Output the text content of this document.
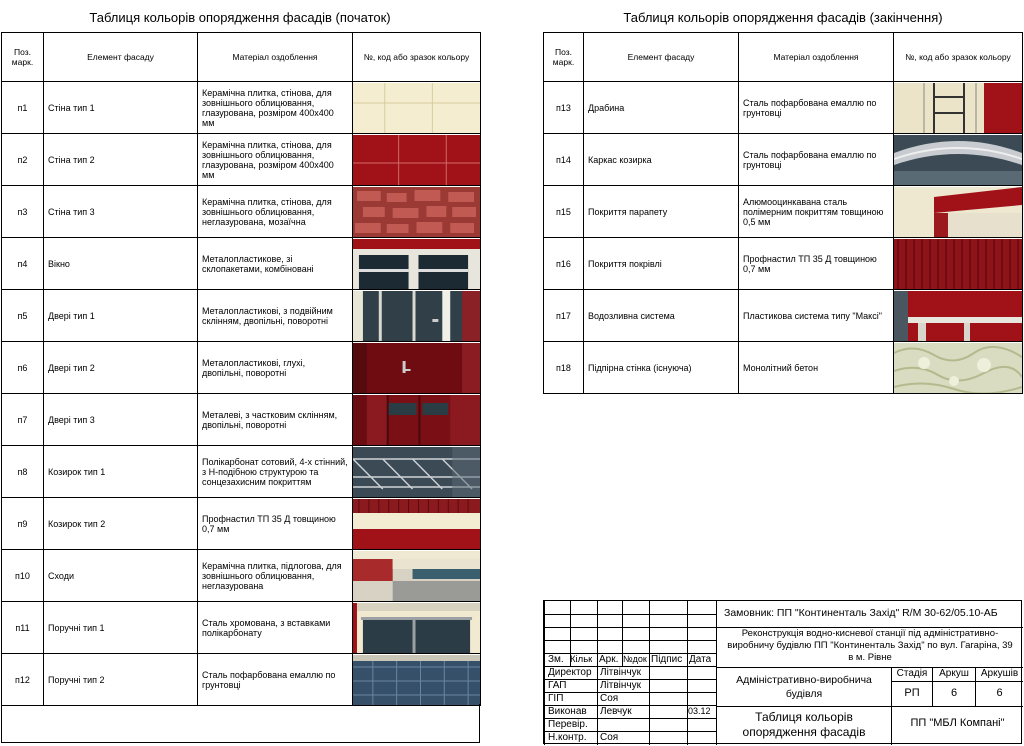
Таблиця кольорів опорядження фасадів (початок)
Поз. марк.	Елемент фасаду	Матеріал оздоблення	№, код або зразок кольору
п1	Стіна тип 1	Керамічна плитка, стінова, для зовнішнього облицювання, глазурована, розміром 400х400 мм	

п2	Стіна тип 2	Керамічна плитка, стінова, для зовнішнього облицювання, глазурована, розміром 400х400 мм	

п3	Стіна тип 3	Керамічна плитка, стінова, для зовнішнього облицювання, неглазурована, мозаїчна	

п4	Вікно	Металопластикове, зі склопакетами, комбіновані	

п5	Двері тип 1	Металопластикові, з подвійним склінням, двопільні, поворотні	

п6	Двері тип 2	Металопластикові, глухі, двопільні, поворотні	

п7	Двері тип 3	Металеві, з частковим склінням, двопільні, поворотні	

п8	Козирок тип 1	Полікарбонат сотовий, 4-х стінний, з Н-подібною структурою та сонцезахисним покриттям	

п9	Козирок тип 2	Профнастил ТП 35 Д товщиною 0,7 мм	

п10	Сходи	Керамічна плитка, підлогова, для зовнішнього облицювання, неглазурована	

п11	Поручні тип 1	Сталь хромована, з вставками полікарбонату	

п12	Поручні тип 2	Сталь пофарбована емаллю по грунтовці	
Таблиця кольорів опорядження фасадів (закінчення)
Поз. марк.	Елемент фасаду	Матеріал оздоблення	№, код або зразок кольору
п13	Драбина	Сталь пофарбована емаллю по грунтовці	

п14	Каркас козирка	Сталь пофарбована емаллю по грунтовці	

п15	Покриття парапету	Алюмооцинкавана сталь полімерним покриттям товщиною 0,5 мм	

п16	Покриття покрівлі	Профнастил ТП 35 Д товщиною 0,7 мм	

п17	Водозливна система	Пластикова система типу "Максі"	

п18	Підпірна стінка (існуюча)	Монолітний бетон	
Зм. Кільк Арк. №док Підпис Дата
Директор Літвінчук
ГАП	Літвінчук
ГІП	Соя
Виконав Левчук	03.12
Перевір.
Н.контр. Соя
Замовник: ПП "Континенталь Захід" R/M 30-62/05.10-АБ
Реконструкція водно-кисневої станції під адміністративно-виробничу будівлю ПП "Континенталь Захід" по вул. Гагаріна, 39 в м. Рівне
Адміністративно-виробнича будівля
Стадія	Аркуш	Аркушів
РП	6	6
Таблиця кольорів опорядження фасадів
ПП "МБЛ Компані"
